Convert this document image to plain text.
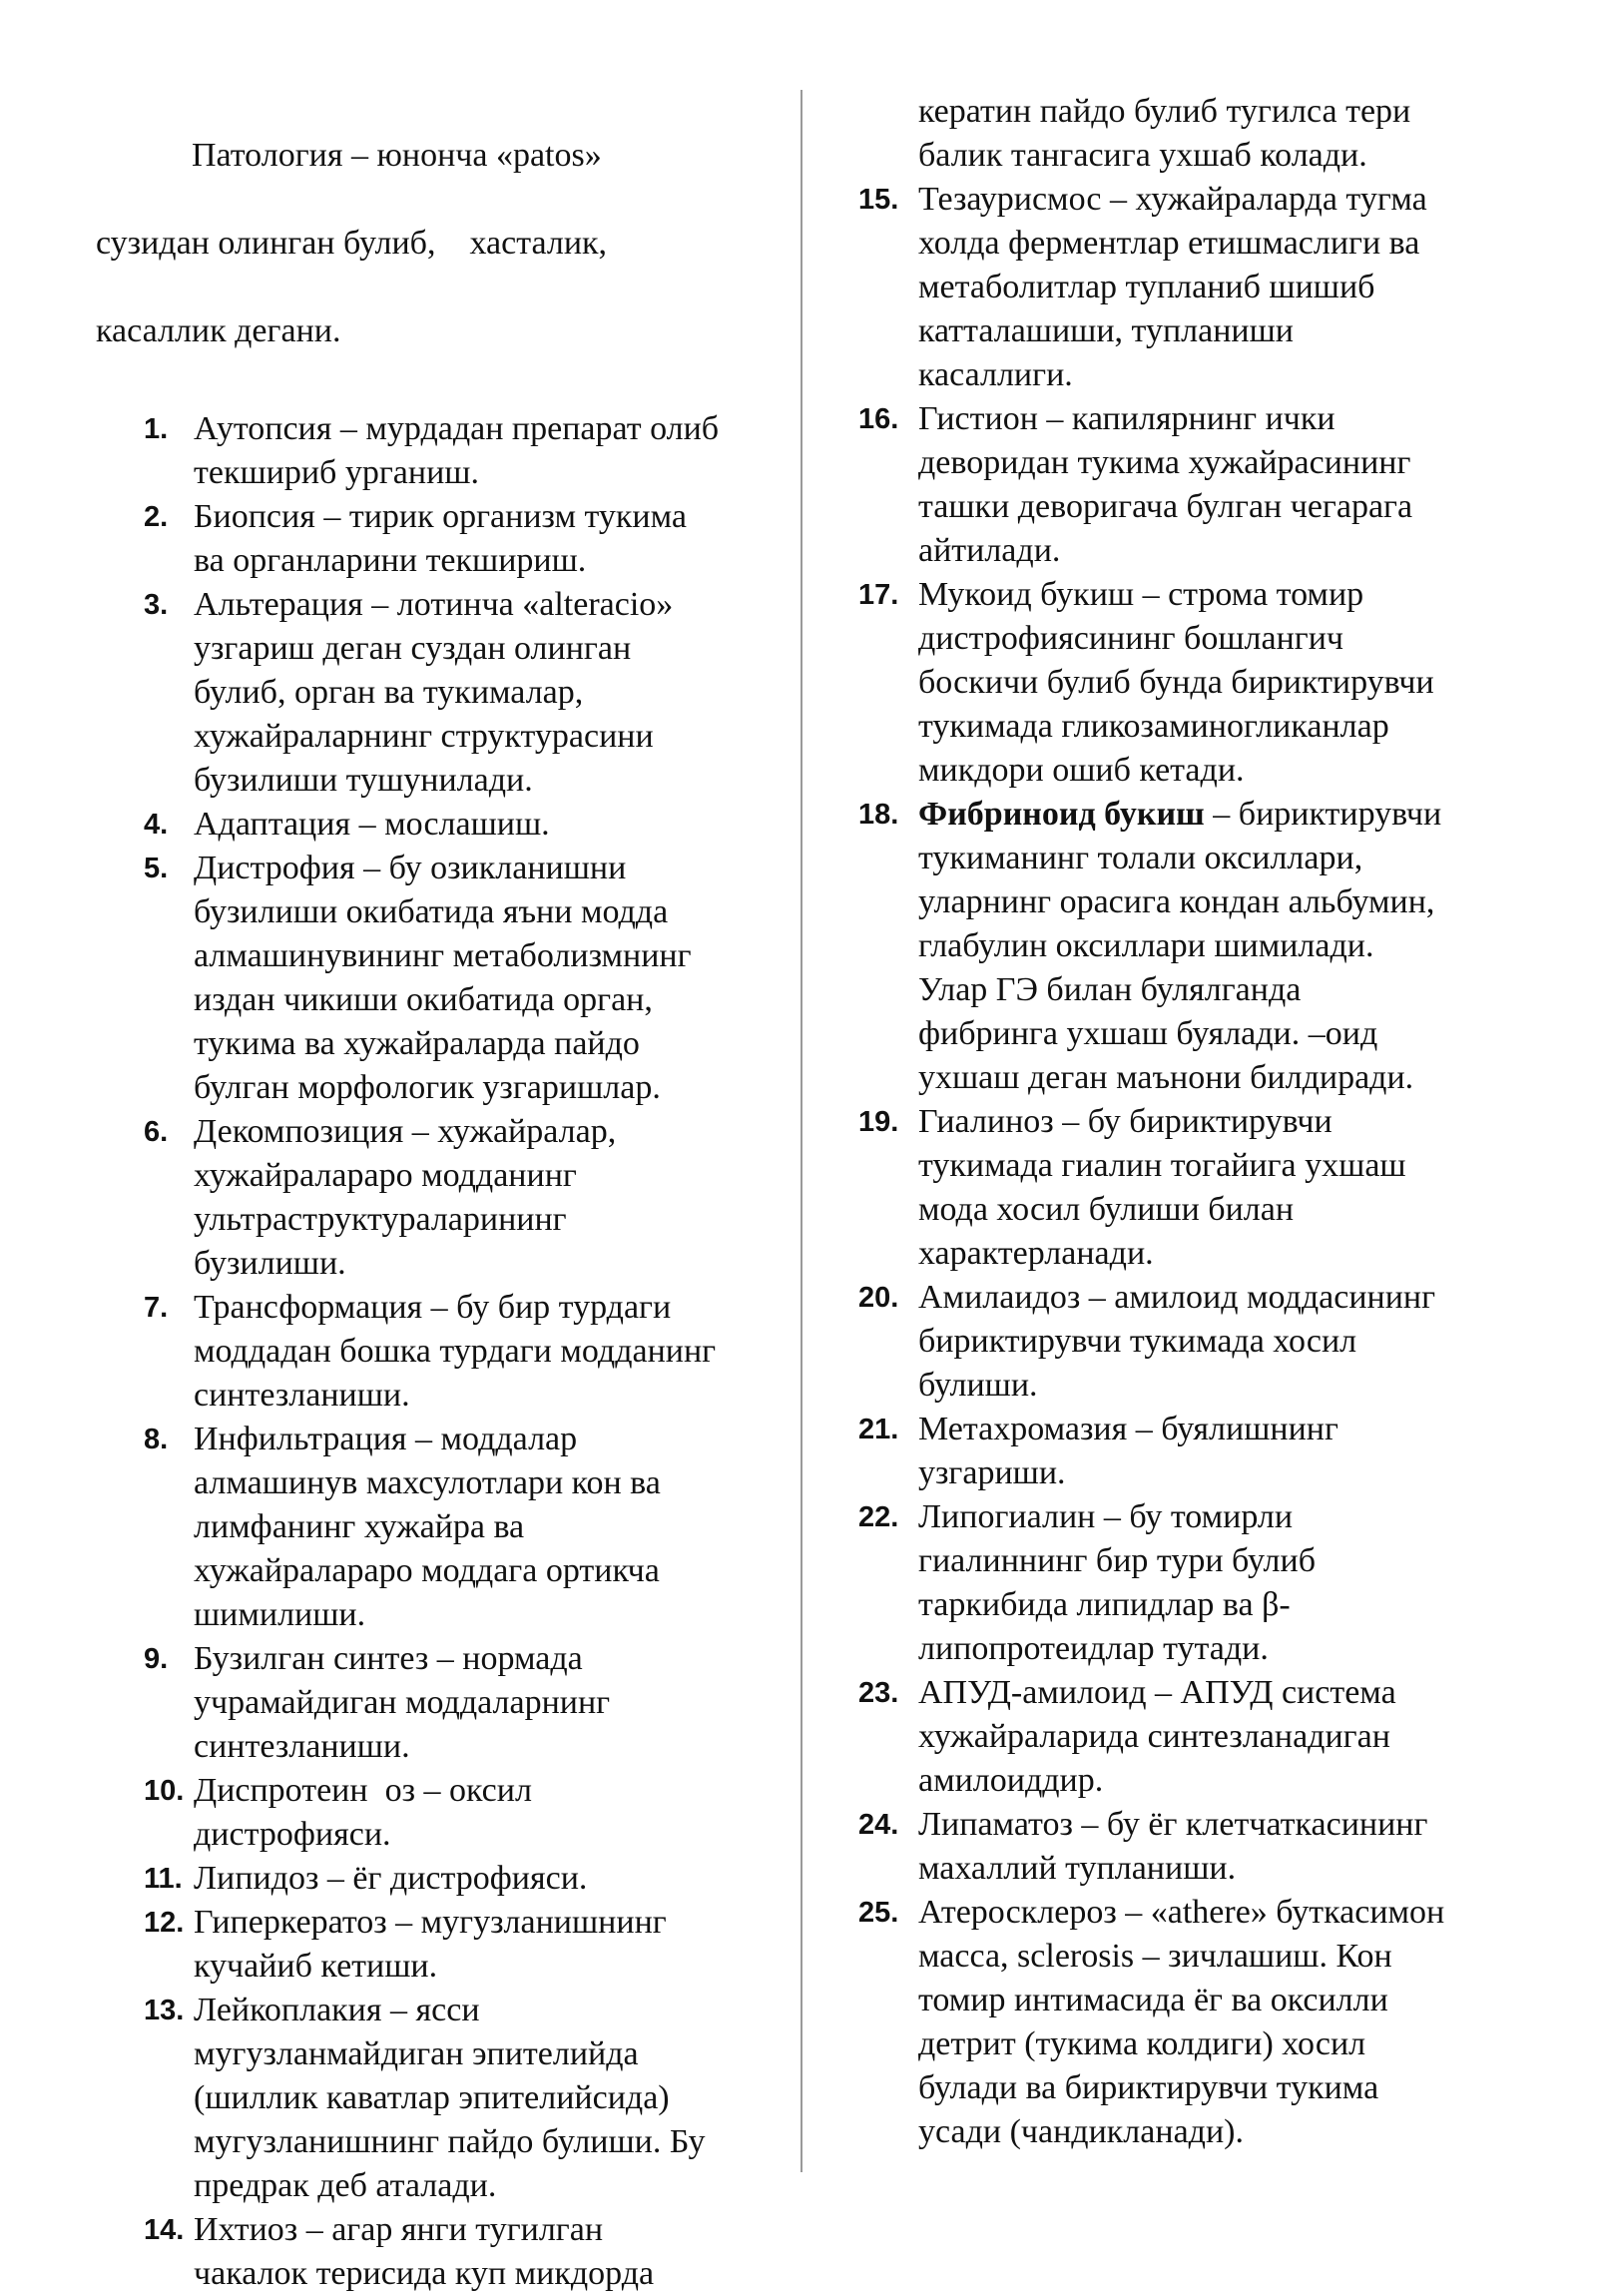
Патология – юнонча «patos»

сузидан олинган булиб,    хасталик,

касаллик дегани.

1. Аутопсия – мурдадан препарат олиб
текшириб урганиш.
2. Биопсия – тирик организм тукима
ва органларини текшириш.
3. Альтерация – лотинча «alteracio»
узгариш деган суздан олинган
булиб, орган ва тукималар,
хужайраларнинг структурасини
бузилиши тушунилади.
4. Адаптация – мослашиш.
5. Дистрофия – бу озикланишни
бузилиши окибатида яъни модда
алмашинувининг метаболизмнинг
издан чикиши окибатида орган,
тукима ва хужайраларда пайдо
булган морфологик узгаришлар.
6. Декомпозиция – хужайралар,
хужайралараро модданинг
ультраструктураларининг
бузилиши.
7. Трансформация – бу бир турдаги
моддадан бошка турдаги модданинг
синтезланиши.
8. Инфильтрация – моддалар
алмашинув махсулотлари кон ва
лимфанинг хужайра ва
хужайралараро моддага ортикча
шимилиши.
9. Бузилган синтез – нормада
учрамайдиган моддаларнинг
синтезланиши.
10. Диспротеин  оз – оксил
дистрофияси.
11. Липидоз – ёг дистрофияси.
12. Гиперкератоз – мугузланишнинг
кучайиб кетиши.
13. Лейкоплакия – ясси
мугузланмайдиган эпителийда
(шиллик каватлар эпителийсида)
мугузланишнинг пайдо булиши. Бу
предрак деб аталади.
14. Ихтиоз – агар янги тугилган
чакалок терисида куп микдорда
кератин пайдо булиб тугилса тери
балик тангасига ухшаб колади.
15. Тезаурисмос – хужайраларда тугма
холда ферментлар етишмаслиги ва
метаболитлар тупланиб шишиб
катталашиши, тупланиши
касаллиги.
16. Гистион – капилярнинг ички
деворидан тукима хужайрасининг
ташки деворигача булган чегарага
айтилади.
17. Мукоид букиш – строма томир
дистрофиясининг бошлангич
боскичи булиб бунда бириктирувчи
тукимада гликозаминогликанлар
микдори ошиб кетади.
18. Фибриноид букиш – бириктирувчи
тукиманинг толали оксиллари,
уларнинг орасига кондан альбумин,
глабулин оксиллари шимилади.
Улар ГЭ билан булялганда
фибринга ухшаш буялади. –оид
ухшаш деган маънони билдиради.
19. Гиалиноз – бу бириктирувчи
тукимада гиалин тогайига ухшаш
мода хосил булиши билан
характерланади.
20. Амилаидоз – амилоид моддасининг
бириктирувчи тукимада хосил
булиши.
21. Метахромазия – буялишнинг
узгариши.
22. Липогиалин – бу томирли
гиалиннинг бир тури булиб
таркибида липидлар ва β-
липопротеидлар тутади.
23. АПУД-амилоид – АПУД система
хужайраларида синтезланадиган
амилоиддир.
24. Липаматоз – бу ёг клетчаткасининг
махаллий тупланиши.
25. Атеросклероз – «athere» буткасимон
масса, sclerosis – зичлашиш. Кон
томир интимасида ёг ва оксилли
детрит (тукима колдиги) хосил
булади ва бириктирувчи тукима
усади (чандикланади).
